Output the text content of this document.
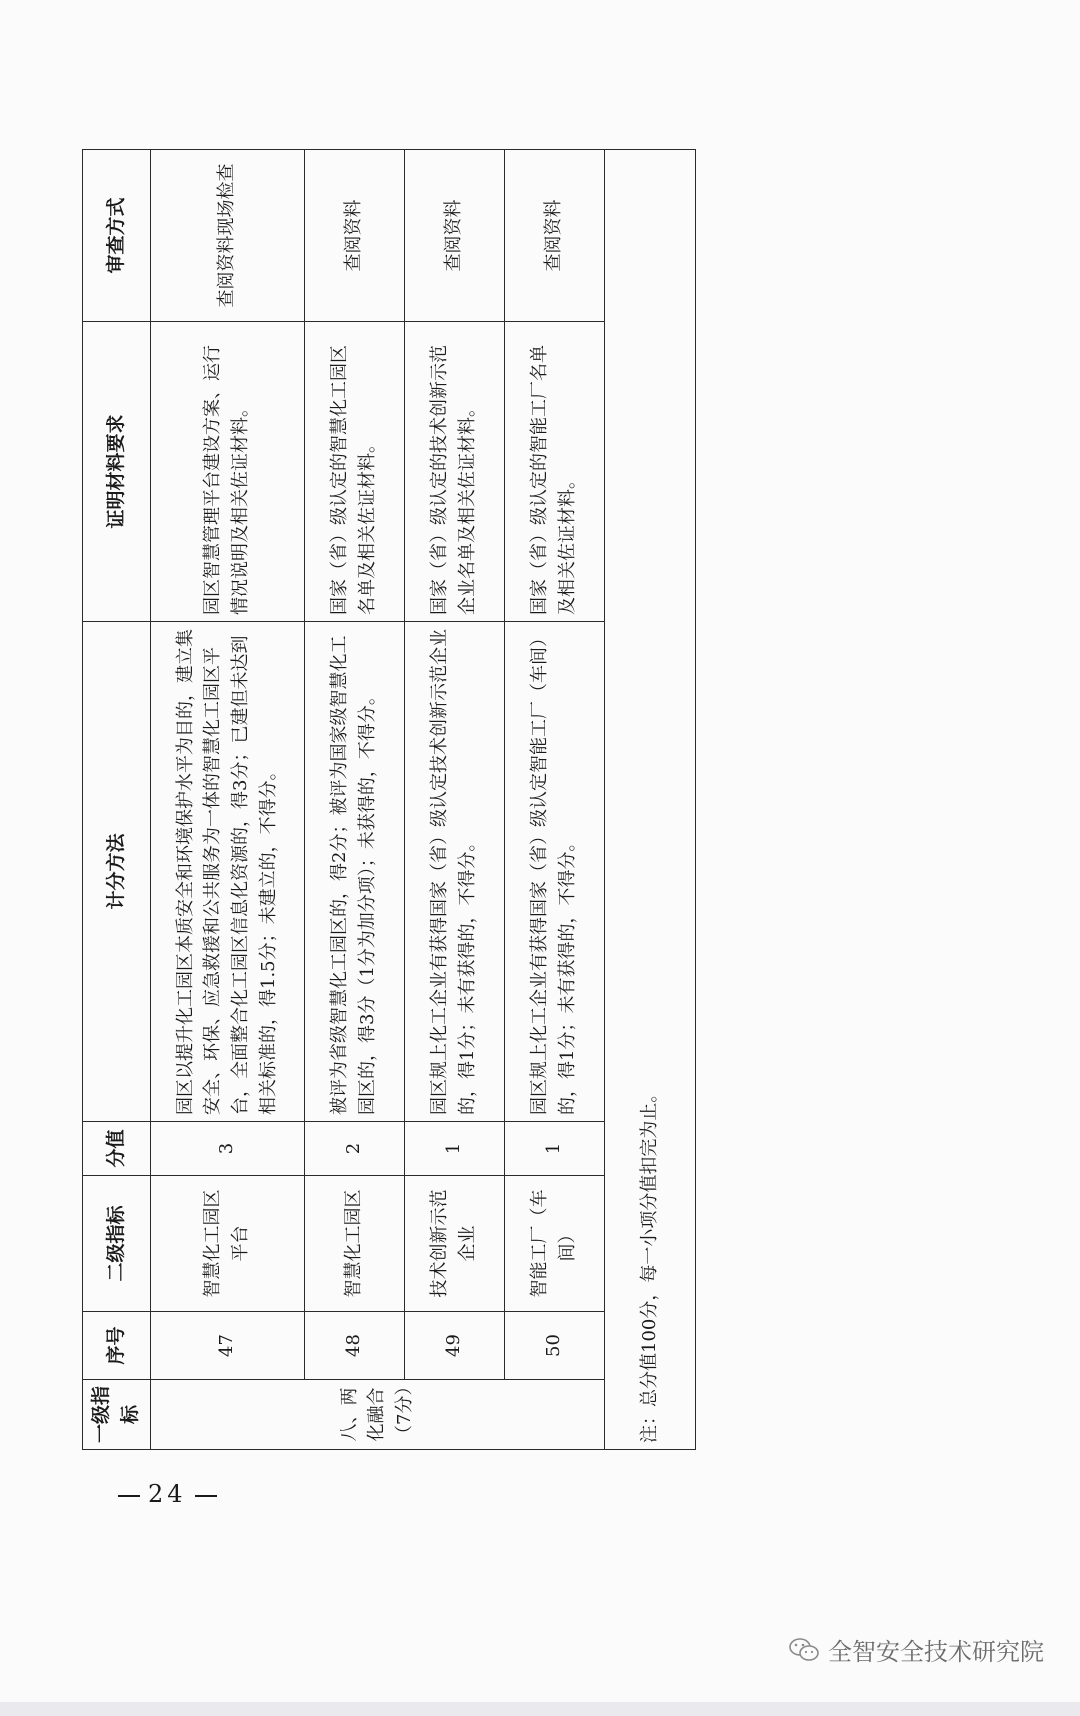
一级指标	序号	二级指标	分值	计分方法	证明材料要求	审查方式
八、两化融合（7分）	47	智慧化工园区平台	3	园区以提升化工园区本质安全和环境保护水平为目的，建立集安全、环保、应急救援和公共服务为一体的智慧化工园区平台，全面整合化工园区信息化资源的，得3分；已建但未达到相关标准的，得1.5分；未建立的，不得分。	园区智慧管理平台建设方案、运行情况说明及相关佐证材料。	查阅资料现场检查
	48	智慧化工园区	2	被评为省级智慧化工园区的，得2分；被评为国家级智慧化工园区的，得3分（1分为加分项）；未获得的，不得分。	国家（省）级认定的智慧化工园区名单及相关佐证材料。	查阅资料
	49	技术创新示范企业	1	园区规上化工企业有获得国家（省）级认定技术创新示范企业的，得1分；未有获得的，不得分。	国家（省）级认定的技术创新示范企业名单及相关佐证材料。	查阅资料
	50	智能工厂（车间）	1	园区规上化工企业有获得国家（省）级认定智能工厂（车间）的，得1分；未有获得的，不得分。	国家（省）级认定的智能工厂名单及相关佐证材料。	查阅资料
注：总分值100分，每一小项分值扣完为止。						
24
全智安全技术研究院
